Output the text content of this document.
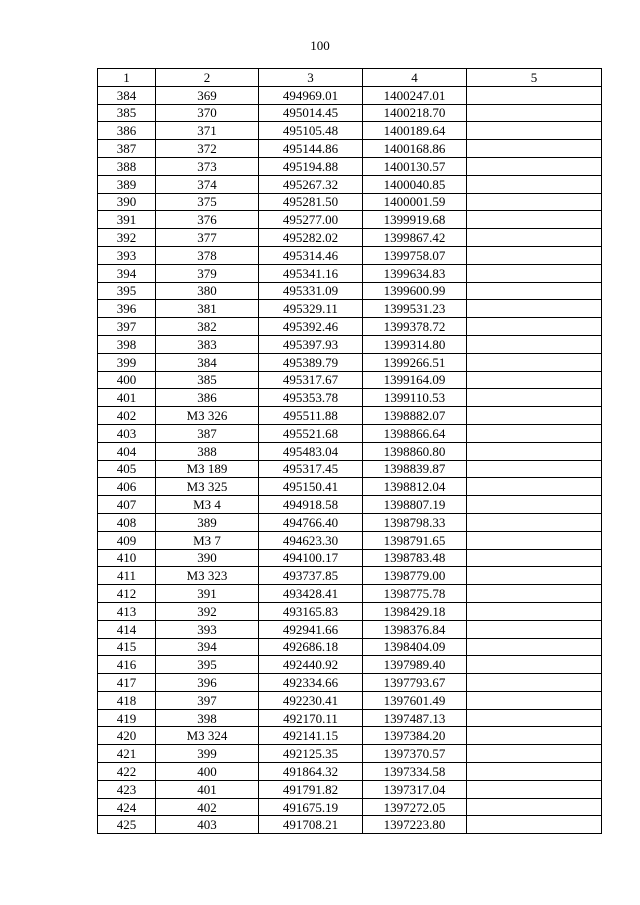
100
1	2	3	4	5
384	369	494969.01	1400247.01	
385	370	495014.45	1400218.70	
386	371	495105.48	1400189.64	
387	372	495144.86	1400168.86	
388	373	495194.88	1400130.57	
389	374	495267.32	1400040.85	
390	375	495281.50	1400001.59	
391	376	495277.00	1399919.68	
392	377	495282.02	1399867.42	
393	378	495314.46	1399758.07	
394	379	495341.16	1399634.83	
395	380	495331.09	1399600.99	
396	381	495329.11	1399531.23	
397	382	495392.46	1399378.72	
398	383	495397.93	1399314.80	
399	384	495389.79	1399266.51	
400	385	495317.67	1399164.09	
401	386	495353.78	1399110.53	
402	МЗ 326	495511.88	1398882.07	
403	387	495521.68	1398866.64	
404	388	495483.04	1398860.80	
405	МЗ 189	495317.45	1398839.87	
406	МЗ 325	495150.41	1398812.04	
407	МЗ 4	494918.58	1398807.19	
408	389	494766.40	1398798.33	
409	МЗ 7	494623.30	1398791.65	
410	390	494100.17	1398783.48	
411	МЗ 323	493737.85	1398779.00	
412	391	493428.41	1398775.78	
413	392	493165.83	1398429.18	
414	393	492941.66	1398376.84	
415	394	492686.18	1398404.09	
416	395	492440.92	1397989.40	
417	396	492334.66	1397793.67	
418	397	492230.41	1397601.49	
419	398	492170.11	1397487.13	
420	МЗ 324	492141.15	1397384.20	
421	399	492125.35	1397370.57	
422	400	491864.32	1397334.58	
423	401	491791.82	1397317.04	
424	402	491675.19	1397272.05	
425	403	491708.21	1397223.80	
